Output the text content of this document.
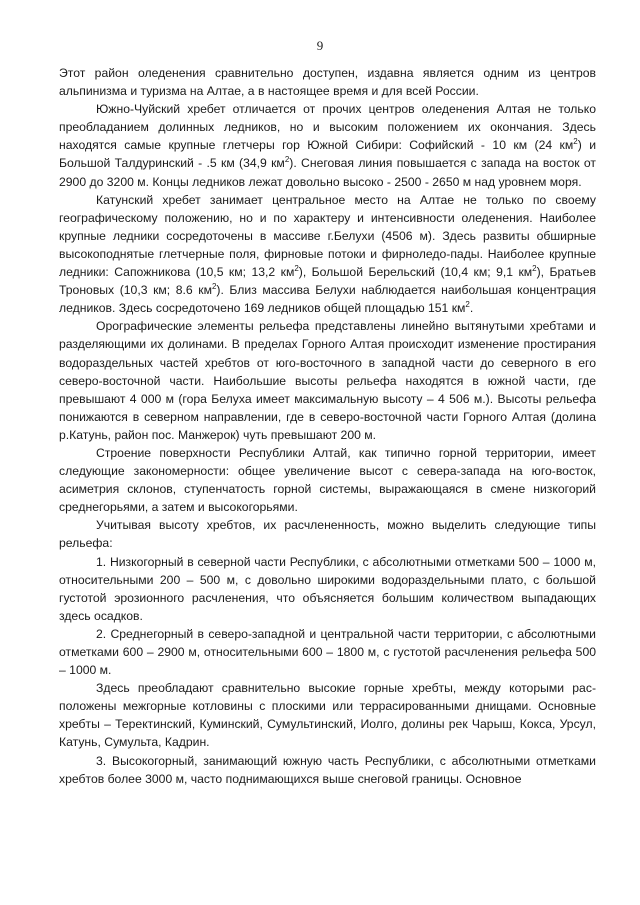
9

Этот район оледенения сравнительно доступен, издавна является одним из центров альпинизма и туризма на Алтае, а в настоящее время и для всей России.

Южно-Чуйский хребет отличается от прочих центров оледенения Алтая не только преобладанием долинных ледников, но и высоким положением их окончания. Здесь находятся самые крупные глетчеры гор Южной Сибири: Софийский - 10 км (24 $км^2$) и Большой Талдуринский - .5 км (34,9 $км^2$). Снеговая линия повышается с запада на восток от 2900 до 3200 м. Концы ледников лежат довольно высоко - 2500 - 2650 м над уровнем моря.

Катунский хребет занимает центральное место на Алтае не только по своему географическому положению, но и по характеру и интенсивности оледенения. Наиболее крупные ледники сосредоточены в массиве г.Белухи (4506 м). Здесь развиты обширные высокоподнятые глетчерные поля, фирновые потоки и фирноледо-пады. Наиболее крупные ледники: Сапожникова (10,5 км; 13,2 $км^2$), Большой Берельский (10,4 км; 9,1 $км^2$), Братьев Троновых (10,3 км; 8.6 $км^2$). Близ массива Белухи наблюдается наибольшая концентрация ледников. Здесь сосредоточено 169 ледников общей площадью 151 $км^2$.

Орографические элементы рельефа представлены линейно вытянутыми хребтами и разделяющими их долинами. В пределах Горного Алтая происходит изменение простирания водораздельных частей хребтов от юго-восточного в западной части до северного в его северо-восточной части. Наибольшие высоты рельефа находятся в южной части, где превышают 4 000 м (гора Белуха имеет максимальную высоту – 4 506 м.). Высоты рельефа понижаются в северном направлении, где в северо-восточной части Горного Алтая (долина р.Катунь, район пос. Манжерок) чуть превышают 200 м.

Строение поверхности Республики Алтай, как типично горной территории, имеет следующие закономерности: общее увеличение высот с севера-запада на юго-восток, асиметрия склонов, ступенчатость горной системы, выражающаяся в смене низкогорий среднегорьями, а затем и высокогорьями.

Учитывая высоту хребтов, их расчлененность, можно выделить следующие типы рельефа:

1. Низкогорный в северной части Республики, с абсолютными отметками 500 – 1000 м, относительными 200 – 500 м, с довольно широкими водораздельными плато, с большой густотой эрозионного расчленения, что объясняется большим количеством выпадающих здесь осадков.

2. Среднегорный в северо-западной и центральной части территории, с абсолютными отметками 600 – 2900 м, относительными 600 – 1800 м, с густотой расчленения рельефа 500 – 1000 м.

Здесь преобладают сравнительно высокие горные хребты, между которыми расположены межгорные котловины с плоскими или террасированными днищами. Основные хребты – Теректинский, Куминский, Сумультинский, Иолго, долины рек Чарыш, Кокса, Урсул, Катунь, Сумульта, Кадрин.

3. Высокогорный, занимающий южную часть Республики, с абсолютными отметками хребтов более 3000 м, часто поднимающихся выше снеговой границы. Основное
